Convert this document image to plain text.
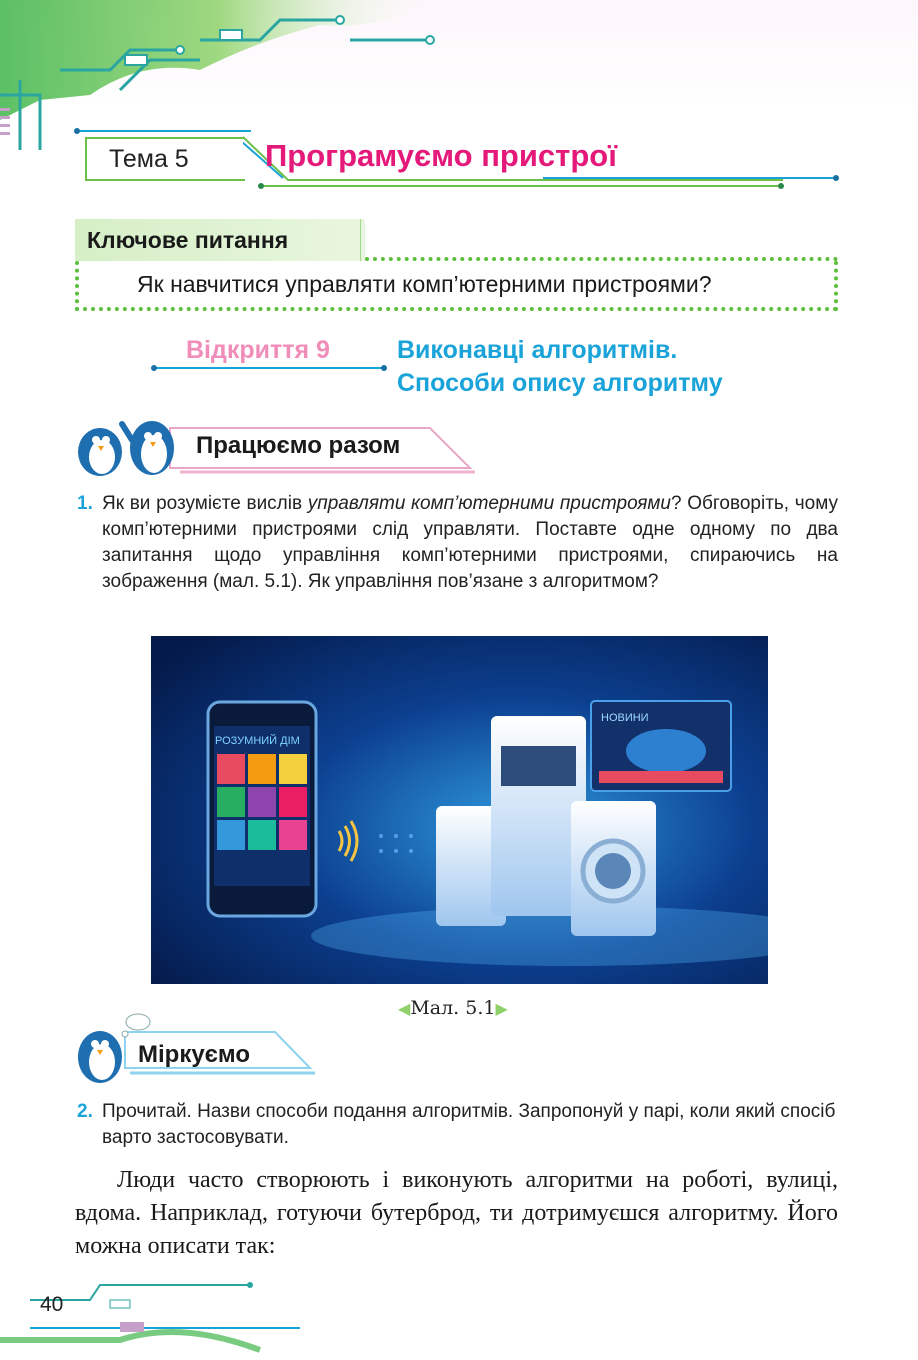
Тема 5	Програмуємо пристрої
Ключове питання
Як навчитися управляти комп’ютерними пристроями?
Відкриття 9	Виконавці алгоритмів.
Способи опису алгоритму
Працюємо разом
1. Як ви розумієте вислів управляти комп’ютерними пристроями? Обговоріть, чому комп’ютерними пристроями слід управляти. Поставте одне одному по два запитання щодо управління комп’ютерними пристроями, спираючись на зображення (мал. 5.1). Як управління пов’язане з алгоритмом?
РОЗУМНИЙ ДІМ
НОВИНИ
◀Мал. 5.1▶
Міркуємо
2. Прочитай. Назви способи подання алгоритмів. Запропонуй у парі, коли який спосіб варто застосовувати.
Люди часто створюють і виконують алгоритми на роботі, вулиці, вдома. Наприклад, готуючи бутерброд, ти дотримуєшся алгоритму. Його можна описати так:
40
